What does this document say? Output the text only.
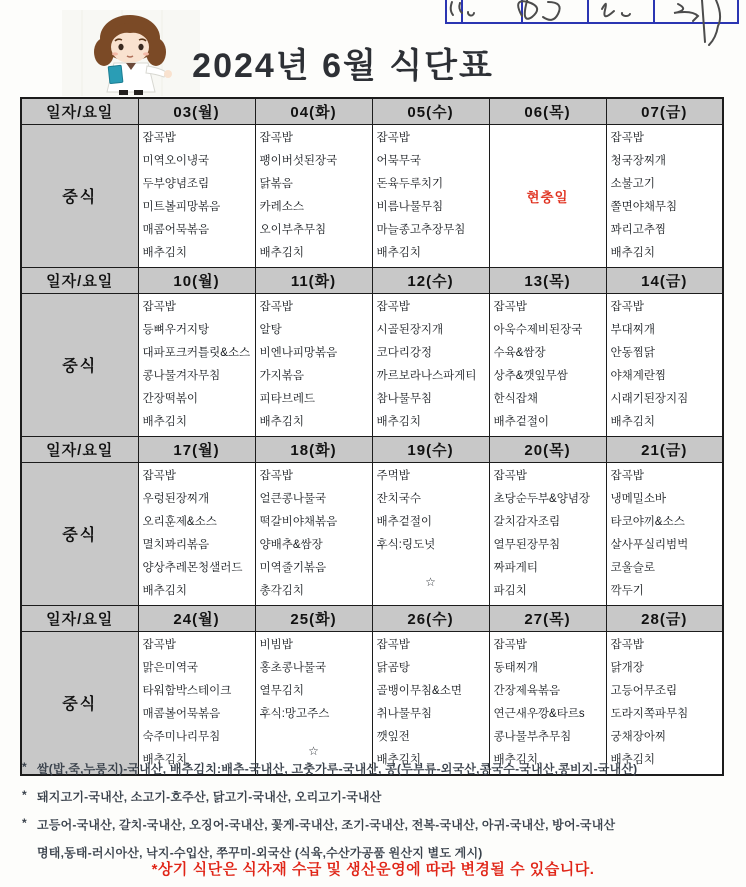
2024년 6월 식단표
일자/요일	03(월)	04(화)	05(수)	06(목)	07(금)
중식	
잡곡밥
미역오이냉국
두부양념조림
미트볼피망볶음
매콤어묵볶음
배추김치

잡곡밥
팽이버섯된장국
닭볶음
카레소스
오이부추무침
배추김치

잡곡밥
어묵무국
돈육두루치기
비름나물무침
마늘종고추장무침
배추김치
	현충일	
잡곡밥
청국장찌개
소불고기
쫄면야채무침
꽈리고추찜
배추김치

일자/요일	10(월)	11(화)	12(수)	13(목)	14(금)
중식	
잡곡밥
등뼈우거지탕
대파포크커틀릿&소스
콩나물겨자무침
간장떡볶이
배추김치

잡곡밥
알탕
비엔나피망볶음
가지볶음
피타브레드
배추김치

잡곡밥
시골된장지개
코다리강정
까르보라나스파게티
참나물무침
배추김치

잡곡밥
아욱수제비된장국
수육&쌈장
상추&깻잎무쌈
한식잡채
배추겉절이

잡곡밥
부대찌개
안동찜닭
야채계란찜
시래기된장지짐
배추김치

일자/요일	17(월)	18(화)	19(수)	20(목)	21(금)
중식	
잡곡밥
우렁된장찌개
오리훈제&소스
멸치꽈리볶음
양상추레몬청샐러드
배추김치

잡곡밥
얼큰콩나물국
떡갈비야채볶음
양배추&쌈장
미역줄기볶음
총각김치

주먹밥
잔치국수
배추겉절이
후식:링도넛
☆

잡곡밥
초당순두부&양념장
갈치감자조림
열무된장무침
짜파게티
파김치

잡곡밥
냉메밀소바
타코야끼&소스
살사푸실리범벅
코울슬로
깍두기

일자/요일	24(월)	25(화)	26(수)	27(목)	28(금)
중식	
잡곡밥
맑은미역국
타워함박스테이크
매콤볼어묵볶음
숙주미나리무침
배추김치

비빔밥
홍초콩나물국
열무김치
후식:망고주스
☆

잡곡밥
닭곰탕
골뱅이무침&소면
취나물무침
깻잎전
배추김치

잡곡밥
동태찌개
간장제육볶음
연근새우깡&타르s
콩나물부추무침
배추김치

잡곡밥
닭개장
고등어무조림
도라지쪽파무침
궁채장아찌
배추김치
* 쌀(밥,죽,누룽지)-국내산, 배추김치:배추-국내산, 고춧가루-국내산, 콩(두부류-외국산,콩국수-국내산,콩비지-국내산)
* 돼지고기-국내산, 소고기-호주산, 닭고기-국내산, 오리고기-국내산
* 고등어-국내산, 갈치-국내산, 오징어-국내산, 꽃게-국내산, 조기-국내산, 전복-국내산, 아귀-국내산, 방어-국내산
명태,동태-러시아산, 낙지-수입산, 쭈꾸미-외국산 (식육,수산가공품 원산지 별도 게시)
*상기 식단은 식자재 수급 및 생산운영에 따라 변경될 수 있습니다.
